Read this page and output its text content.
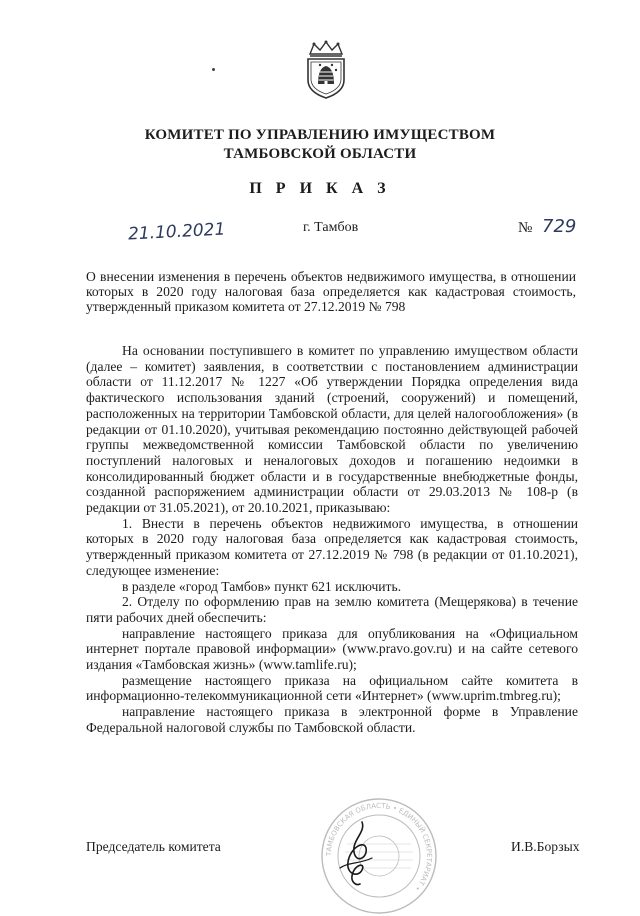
КОМИТЕТ ПО УПРАВЛЕНИЮ ИМУЩЕСТВОМ
ТАМБОВСКОЙ ОБЛАСТИ
П Р И К А З
21.10.2021	г. Тамбов	№ 729
О внесении изменения в перечень объектов недвижимого имущества, в отношении которых в 2020 году налоговая база определяется как кадастровая стоимость, утвержденный приказом комитета от 27.12.2019 № 798

На основании поступившего в комитет по управлению имуществом области (далее – комитет) заявления, в соответствии с постановлением администрации области от 11.12.2017 № 1227 «Об утверждении Порядка определения вида фактического использования зданий (строений, сооружений) и помещений, расположенных на территории Тамбовской области, для целей налогообложения» (в редакции от 01.10.2020), учитывая рекомендацию постоянно действующей рабочей группы межведомственной комиссии Тамбовской области по увеличению поступлений налоговых и неналоговых доходов и погашению недоимки в консолидированный бюджет области и в государственные внебюджетные фонды, созданной распоряжением администрации области от 29.03.2013 № 108-р (в редакции от 31.05.2021), от 20.10.2021, приказываю:

1. Внести в перечень объектов недвижимого имущества, в отношении которых в 2020 году налоговая база определяется как кадастровая стоимость, утвержденный приказом комитета от 27.12.2019 № 798 (в редакции от 01.10.2021), следующее изменение:

в разделе «город Тамбов» пункт 621 исключить.

2. Отделу по оформлению прав на землю комитета (Мещерякова) в течение пяти рабочих дней обеспечить:

направление настоящего приказа для опубликования на «Официальном интернет портале правовой информации» (www.pravo.gov.ru) и на сайте сетевого издания «Тамбовская жизнь» (www.tamlife.ru);

размещение настоящего приказа на официальном сайте комитета в информационно-телекоммуникационной сети «Интернет» (www.uprim.tmbreg.ru);

направление настоящего приказа в электронной форме в Управление Федеральной налоговой службы по Тамбовской области.

ТАМБОВСКАЯ ОБЛАСТЬ • ЕДИНЫЙ СЕКРЕТАРИАТ •
Председатель комитета	И.В.Борзых
